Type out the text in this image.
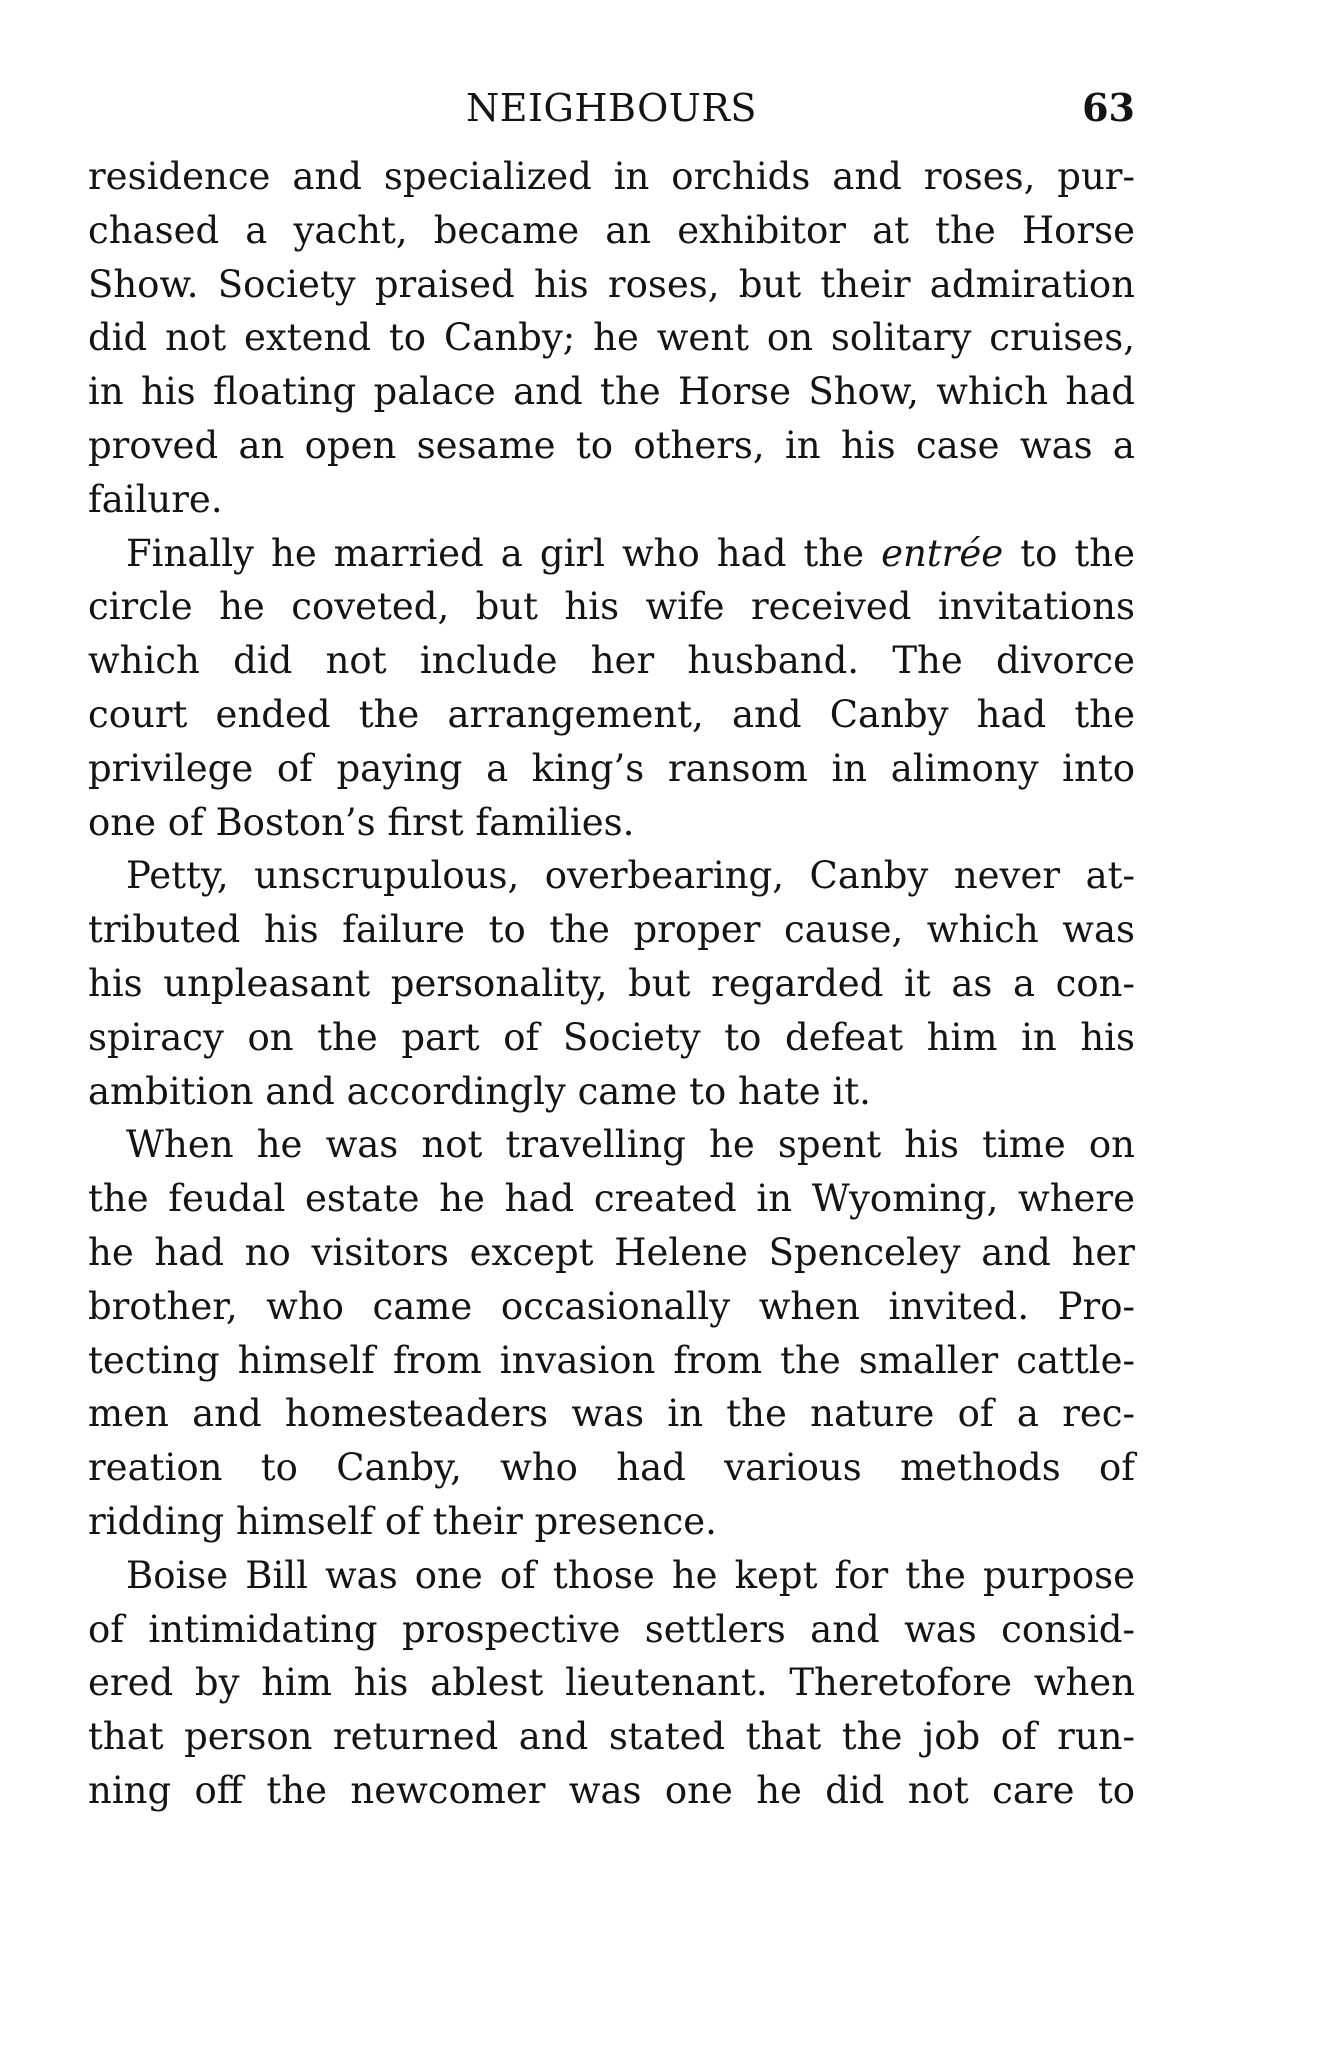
NEIGHBOURS	63
residence and specialized in orchids and roses, pur-
chased a yacht, became an exhibitor at the Horse
Show. Society praised his roses, but their admiration
did not extend to Canby; he went on solitary cruises,
in his floating palace and the Horse Show, which had
proved an open sesame to others, in his case was a
failure.
Finally he married a girl who had the entrée to the
circle he coveted, but his wife received invitations
which did not include her husband. The divorce
court ended the arrangement, and Canby had the
privilege of paying a king’s ransom in alimony into
one of Boston’s first families.
Petty, unscrupulous, overbearing, Canby never at-
tributed his failure to the proper cause, which was
his unpleasant personality, but regarded it as a con-
spiracy on the part of Society to defeat him in his
ambition and accordingly came to hate it.
When he was not travelling he spent his time on
the feudal estate he had created in Wyoming, where
he had no visitors except Helene Spenceley and her
brother, who came occasionally when invited. Pro-
tecting himself from invasion from the smaller cattle-
men and homesteaders was in the nature of a rec-
reation to Canby, who had various methods of
ridding himself of their presence.
Boise Bill was one of those he kept for the purpose
of intimidating prospective settlers and was consid-
ered by him his ablest lieutenant. Theretofore when
that person returned and stated that the job of run-
ning off the newcomer was one he did not care to
